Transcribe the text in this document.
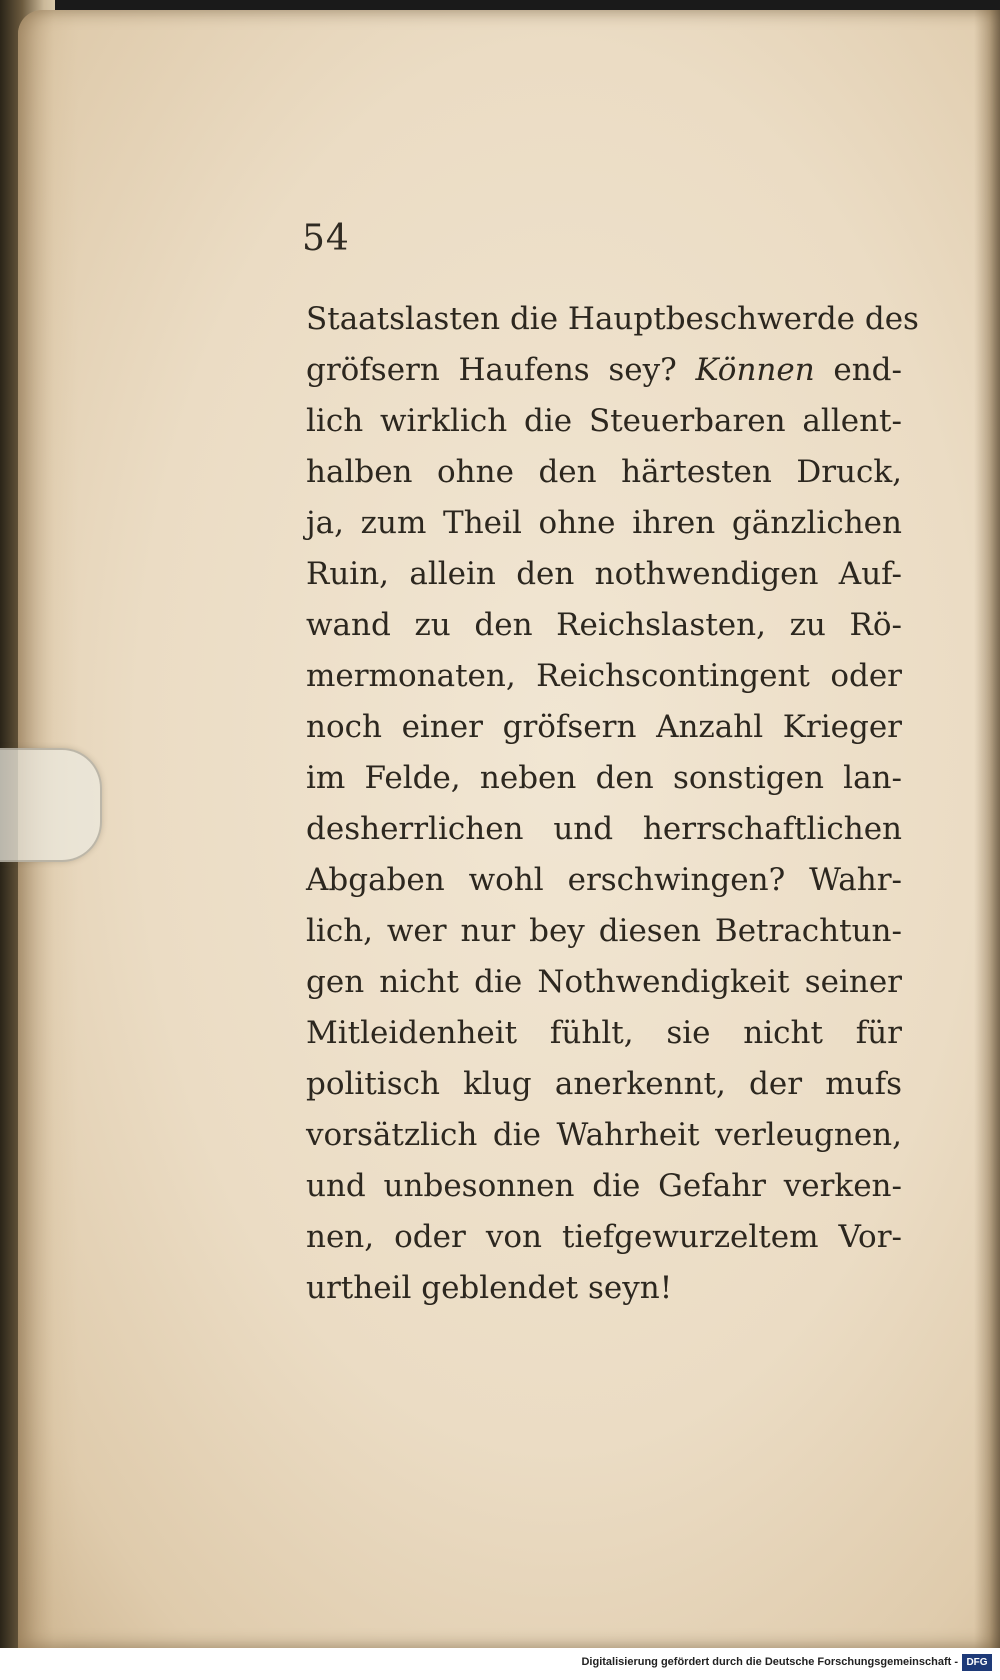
54
Staatslasten die Hauptbeschwerde des
gröfsern Haufens sey? Können end-
lich wirklich die Steuerbaren allent-
halben ohne den härtesten Druck,
ja, zum Theil ohne ihren gänzlichen
Ruin, allein den nothwendigen Auf-
wand zu den Reichslasten, zu Rö-
mermonaten, Reichscontingent oder
noch einer gröfsern Anzahl Krieger
im Felde, neben den sonstigen lan-
desherrlichen und herrschaftlichen
Abgaben wohl erschwingen? Wahr-
lich, wer nur bey diesen Betrachtun-
gen nicht die Nothwendigkeit seiner
Mitleidenheit fühlt, sie nicht für
politisch klug anerkennt, der mufs
vorsätzlich die Wahrheit verleugnen,
und unbesonnen die Gefahr verken-
nen, oder von tiefgewurzeltem Vor-
urtheil geblendet seyn!
Digitalisierung gefördert durch die Deutsche Forschungsgemeinschaft - DFG
